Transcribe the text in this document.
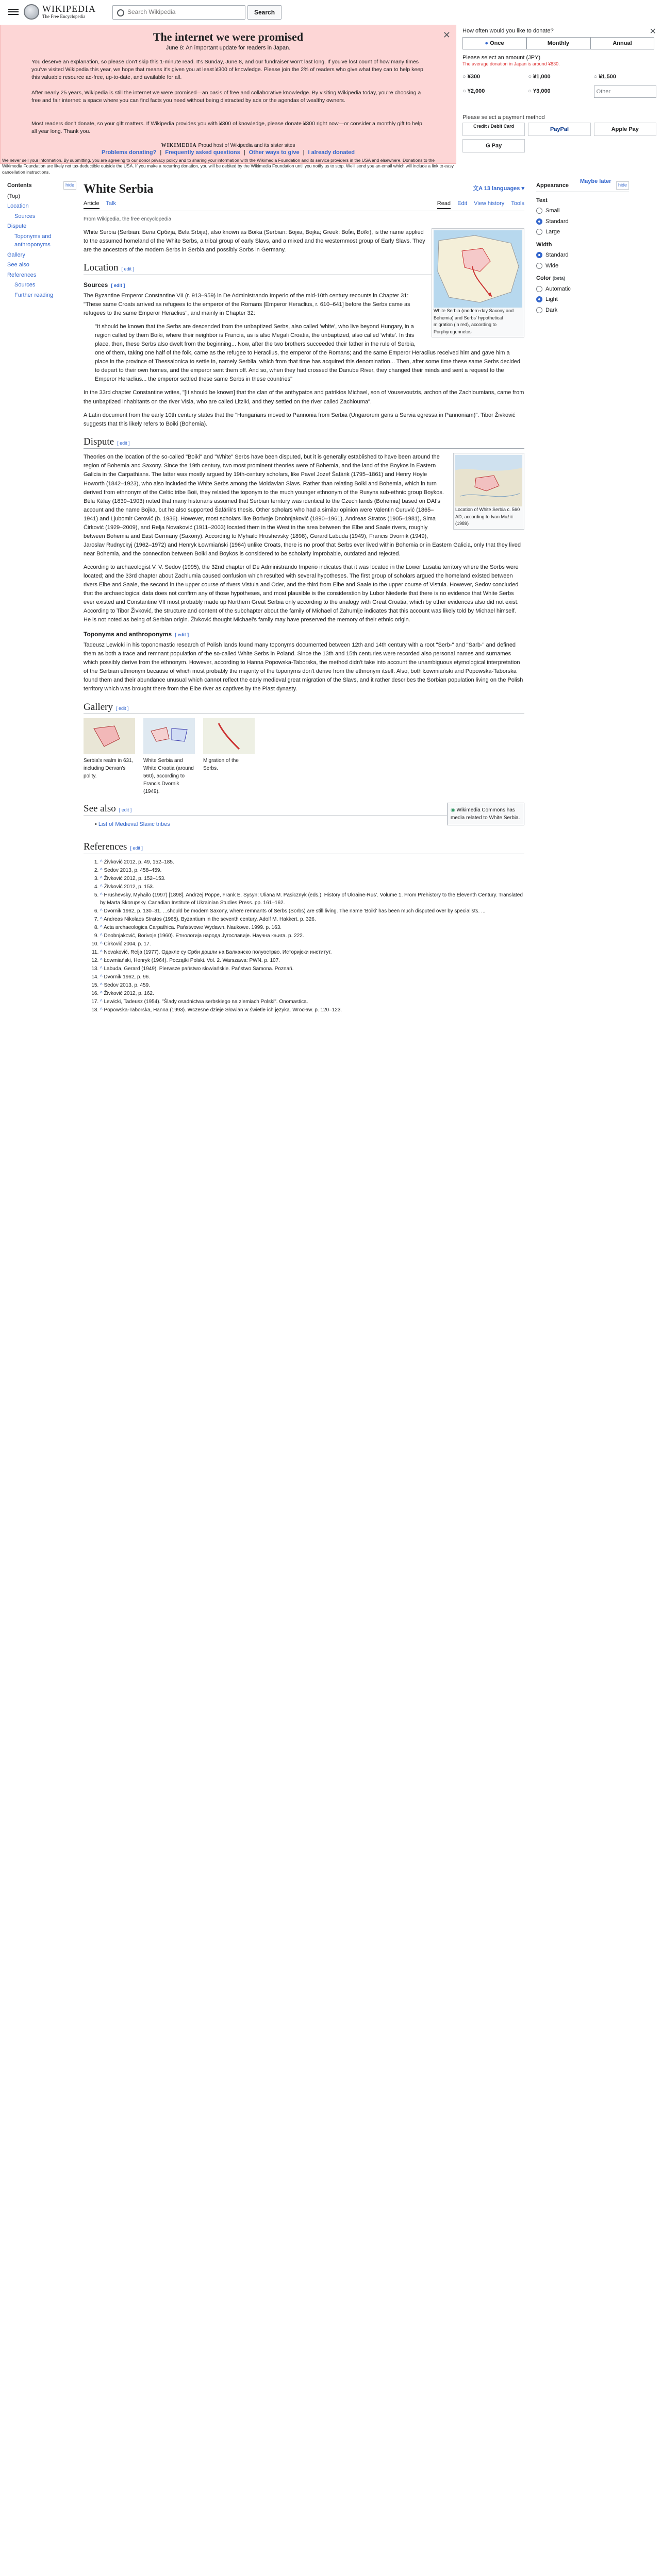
WIKIPEDIA
The Free Encyclopedia
Search Wikipedia
Search
✕
The internet we were promised
June 8: An important update for readers in Japan.

You deserve an explanation, so please don't skip this 1-minute read. It's Sunday, June 8, and our fundraiser won't last long. If you've lost count of how many times you've visited Wikipedia this year, we hope that means it's given you at least ¥300 of knowledge. Please join the 2% of readers who give what they can to help keep this valuable resource ad-free, up-to-date, and available for all.

After nearly 25 years, Wikipedia is still the internet we were promised—an oasis of free and collaborative knowledge. By visiting Wikipedia today, you're choosing a free and fair internet: a space where you can find facts you need without being distracted by ads or the agendas of wealthy owners.

Most readers don't donate, so your gift matters. If Wikipedia provides you with ¥300 of knowledge, please donate ¥300 right now—or consider a monthly gift to help all year long. Thank you.

WIKIMEDIA Proud host of Wikipedia and its sister sites
Problems donating? | Frequently asked questions | Other ways to give | I already donated
We never sell your information. By submitting, you are agreeing to our donor privacy policy and to sharing your information with the Wikimedia Foundation and its service providers in the USA and elsewhere. Donations to the Wikimedia Foundation are likely not tax-deductible outside the USA. If you make a recurring donation, you will be debited by the Wikimedia Foundation until you notify us to stop. We'll send you an email which will include a link to easy cancellation instructions.
How often would you like to donate?	✕
● Once	Monthly	Annual
Please select an amount (JPY)
The average donation in Japan is around ¥830.
○ ¥300	○ ¥1,000	○ ¥1,500
○ ¥2,000	○ ¥3,000	Other
Please select a payment method
Credit / Debit Card	PayPal	Apple Pay
G Pay
Maybe later
Contents	hide
(Top)
Location
Sources
Dispute
Toponyms and anthroponyms
Gallery
See also
References
Sources
Further reading
Appearance	hide
Text
Small
Standard
Large
Width
Standard
Wide
Color (beta)
Automatic
Light
Dark
White Serbia	文A 13 languages ▾
Article Talk	Read Edit View history Tools
From Wikipedia, the free encyclopedia
White Serbia (modern-day Saxony and Bohemia) and Serbs' hypothetical migration (in red), according to Porphyrogennetos

White Serbia (Serbian: Бела Србија, Bela Srbija), also known as Boika (Serbian: Бојка, Bojka; Greek: Βοΐκι, Boïki), is the name applied to the assumed homeland of the White Serbs, a tribal group of early Slavs, and a mixed and the westernmost group of Early Slavs. They are the ancestors of the modern Serbs in Serbia and possibly Sorbs in Germany.

Location [ edit ]
Sources [ edit ]

The Byzantine Emperor Constantine VII (r. 913–959) in De Administrando Imperio of the mid-10th century recounts in Chapter 31: "These same Croats arrived as refugees to the emperor of the Romans [Emperor Heraclius, r. 610–641] before the Serbs came as refugees to the same Emperor Heraclius", and mainly in Chapter 32:

"It should be known that the Serbs are descended from the unbaptized Serbs, also called 'white', who live beyond Hungary, in a region called by them Boiki, where their neighbor is Francia, as is also Megali Croatia, the unbaptized, also called 'white'. In this place, then, these Serbs also dwelt from the beginning... Now, after the two brothers succeeded their father in the rule of Serbia, one of them, taking one half of the folk, came as the refugee to Heraclius, the emperor of the Romans; and the same Emperor Heraclius received him and gave him a place in the province of Thessalonica to settle in, namely Serblia, which from that time has acquired this denomination... Then, after some time these same Serbs decided to depart to their own homes, and the emperor sent them off. And so, when they had crossed the Danube River, they changed their minds and sent a request to the Emperor Heraclius... the emperor settled these same Serbs in these countries"

In the 33rd chapter Constantine writes, "[It should be known] that the clan of the anthypatos and patrikios Michael, son of Vousevoutzis, archon of the Zachloumians, came from the unbaptized inhabitants on the river Visla, who are called Litziki, and they settled on the river called Zachlouma".

A Latin document from the early 10th century states that the "Hungarians moved to Pannonia from Serbia (Ungarorum gens a Servia egressa in Pannoniam)". Tibor Živković suggests that this likely refers to Boiki (Bohemia).

Dispute [ edit ]
Location of White Serbia c. 560 AD, according to Ivan Mužić (1989)

Theories on the location of the so-called "Boiki" and "White" Serbs have been disputed, but it is generally established to have been around the region of Bohemia and Saxony. Since the 19th century, two most prominent theories were of Bohemia, and the land of the Boykos in Eastern Galicia in the Carpathians. The latter was mostly argued by 19th-century scholars, like Pavel Jozef Šafárik (1795–1861) and Henry Hoyle Howorth (1842–1923), who also included the White Serbs among the Moldavian Slavs. Rather than relating Boiki and Bohemia, which in turn derived from ethnonym of the Celtic tribe Boii, they related the toponym to the much younger ethnonym of the Rusyns sub-ethnic group Boykos. Béla Kálay (1839–1903) noted that many historians assumed that Serbian territory was identical to the Czech lands (Bohemia) based on DAI's account and the name Bojka, but he also supported Šafárik's thesis. Other scholars who had a similar opinion were Valentin Curuvić (1865–1941) and Ljubomir Cerović (b. 1936). However, most scholars like Borivoje Dnobnjaković (1890–1961), Andreas Stratos (1905–1981), Sima Ćirković (1929–2009), and Relja Novaković (1911–2003) located them in the West in the area between the Elbe and Saale rivers, roughly between Bohemia and East Germany (Saxony). According to Myhailo Hrushevsky (1898), Gerard Labuda (1949), Francis Dvornik (1949), Jaroslav Rudnyckyj (1962–1972) and Henryk Łowmiański (1964) unlike Croats, there is no proof that Serbs ever lived within Bohemia or in Eastern Galicia, only that they lived near Bohemia, and the connection between Boiki and Boykos is considered to be scholarly improbable, outdated and rejected.

According to archaeologist V. V. Sedov (1995), the 32nd chapter of De Administrando Imperio indicates that it was located in the Lower Lusatia territory where the Sorbs were located; and the 33rd chapter about Zachlumia caused confusion which resulted with several hypotheses. The first group of scholars argued the homeland existed between rivers Elbe and Saale, the second in the upper course of rivers Vistula and Oder, and the third from Elbe and Saale to the upper course of Vistula. However, Sedov concluded that the archaeological data does not confirm any of those hypotheses, and most plausible is the consideration by Lubor Niederle that there is no evidence that White Serbs ever existed and Constantine VII most probably made up Northern Great Serbia only according to the analogy with Great Croatia, which by other evidences also did not exist. According to Tibor Živković, the structure and content of the subchapter about the family of Michael of Zahumlje indicates that this account was likely told by Michael himself. He is not noted as being of Serbian origin. Živković thought Michael's family may have preserved the memory of their ethnic origin.

Toponyms and anthroponyms [ edit ]

Tadeusz Lewicki in his toponomastic research of Polish lands found many toponyms documented between 12th and 14th century with a root "Serb-" and "Sarb-" and defined them as both a trace and remnant population of the so-called White Serbs in Poland. Since the 13th and 15th centuries were recorded also personal names and surnames which possibly derive from the ethnonym. However, according to Hanna Popowska-Taborska, the method didn't take into account the unambiguous etymological interpretation of the Serbian ethnonym because of which most probably the majority of the toponyms don't derive from the ethnonym itself. Also, both Łowmiański and Popowska-Taborska found them and their abundance unusual which cannot reflect the early medieval great migration of the Slavs, and it rather describes the Sorbian population living on the Polish territory which was brought there from the Elbe river as captives by the Piast dynasty.

Gallery [ edit ]
Serbia's realm in 631, including Dervan's polity.
White Serbia and White Croatia (around 560), according to Francis Dvornik (1949).
Migration of the Serbs.
See also [ edit ]	◉ Wikimedia Commons has media related to White Serbia.
• List of Medieval Slavic tribes
References [ edit ]
1. ^ Živković 2012, p. 49, 152–185.
2. ^ Sedov 2013, p. 458–459.
3. ^ Živković 2012, p. 152–153.
4. ^ Živković 2012, p. 153.
5. ^ Hrushevsky, Myhailo (1997) [1898]. Andrzej Poppe, Frank E. Sysyn; Uliana M. Pasicznyk (eds.). History of Ukraine-Rus'. Volume 1. From Prehistory to the Eleventh Century. Translated by Marta Skorupsky. Canadian Institute of Ukrainian Studies Press. pp. 161–162.
6. ^ Dvornik 1962, p. 130–31. ...should be modern Saxony, where remnants of Serbs (Sorbs) are still living. The name 'Boiki' has been much disputed over by specialists. ...
7. ^ Andreas Nikolaos Stratos (1968). Byzantium in the seventh century. Adolf M. Hakkert. p. 326.
8. ^ Acta archaeologica Carpathica. Państwowe Wydawn. Naukowe. 1999. p. 163.
9. ^ Dnobnjaković, Borivoje (1960). Етнологија народа Југославије. Научна књига. p. 222.
10. ^ Ćirković 2004, p. 17.
11. ^ Novaković, Relja (1977). Одакле су Срби дошли на Балканско полуострво. Историјски институт.
12. ^ Łowmiański, Henryk (1964). Początki Polski. Vol. 2. Warszawa: PWN. p. 107.
13. ^ Labuda, Gerard (1949). Pierwsze państwo słowiańskie. Państwo Samona. Poznań.
14. ^ Dvornik 1962, p. 96.
15. ^ Sedov 2013, p. 459.
16. ^ Živković 2012, p. 162.
17. ^ Lewicki, Tadeusz (1954). "Ślady osadnictwa serbskiego na ziemiach Polski". Onomastica.
18. ^ Popowska-Taborska, Hanna (1993). Wczesne dzieje Słowian w świetle ich języka. Wrocław. p. 120–123.
